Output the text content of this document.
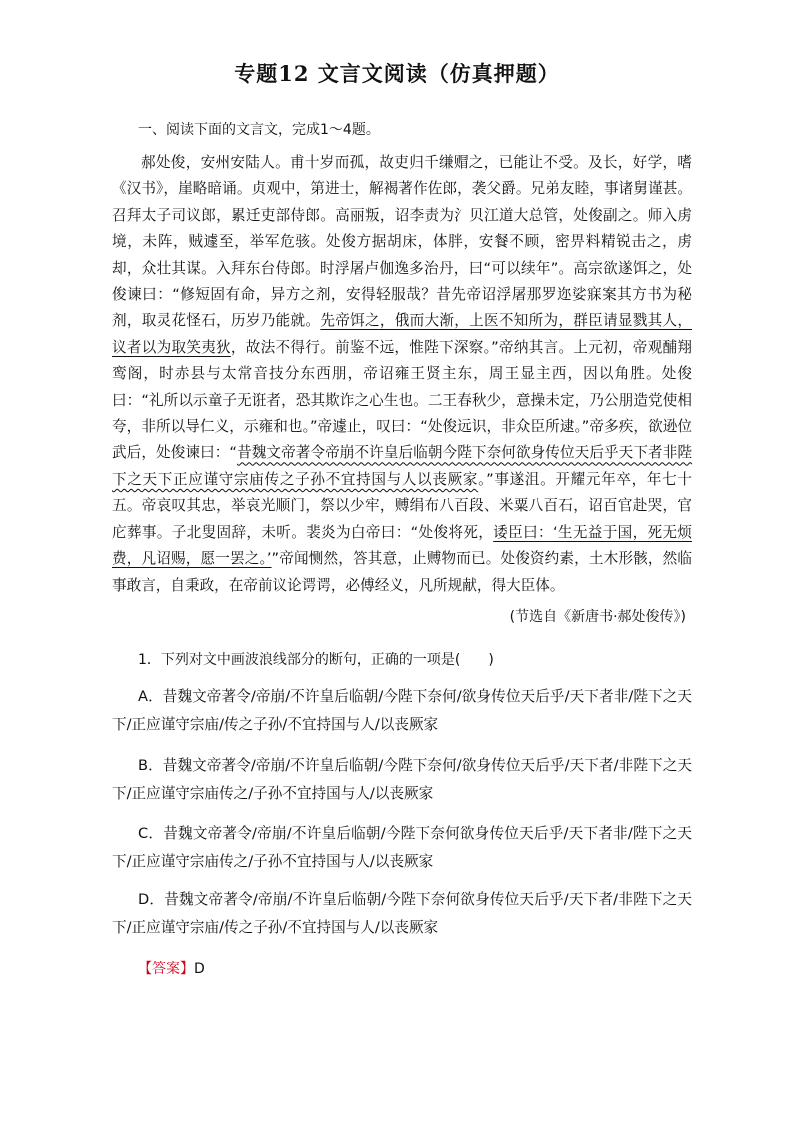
专题12 文言文阅读（仿真押题）
一、阅读下面的文言文，完成1～4题。

郝处俊，安州安陆人。甫十岁而孤，故吏归千缣赗之，已能让不受。及长，好学，嗜《汉书》，崖略暗诵。贞观中，第进士，解褐著作佐郎，袭父爵。兄弟友睦，事诸舅谨甚。召拜太子司议郎，累迁吏部侍郎。高丽叛，诏李责为氵贝江道大总管，处俊副之。师入虏境，未阵，贼遽至，举军危骇。处俊方据胡床，体胖，安餐不顾，密畀料精锐击之，虏却，众壮其谋。入拜东台侍郎。时浮屠卢伽逸多治丹，曰“可以续年”。高宗欲遂饵之，处俊谏曰：“修短固有命，异方之剂，安得轻服哉？昔先帝诏浮屠那罗迩娑寐案其方书为秘剂，取灵花怪石，历岁乃能就。先帝饵之，俄而大渐，上医不知所为，群臣请显戮其人，议者以为取笑夷狄，故法不得行。前鉴不远，惟陛下深察。”帝纳其言。上元初，帝观酺翔鸾阁，时赤县与太常音技分东西朋，帝诏雍王贤主东，周王显主西，因以角胜。处俊曰：“礼所以示童子无诳者，恐其欺诈之心生也。二王春秋少，意操未定，乃公朋造党使相夸，非所以导仁义，示雍和也。”帝遽止，叹曰：“处俊远识，非众臣所逮。”帝多疾，欲逊位武后，处俊谏曰：“昔魏文帝著令帝崩不许皇后临朝今陛下奈何欲身传位天后乎天下者非陛下之天下正应谨守宗庙传之子孙不宜持国与人以丧厥家。”事遂沮。开耀元年卒，年七十五。帝哀叹其忠，举哀光顺门，祭以少牢，赙绢布八百段、米粟八百石，诏百官赴哭，官庀葬事。子北叟固辞，未听。裴炎为白帝曰：“处俊将死，诿臣曰：‘生无益于国，死无烦费，凡诏赐，愿一罢之。’”帝闻恻然，答其意，止赙物而已。处俊资约素，土木形骸，然临事敢言，自秉政，在帝前议论谔谔，必傅经义，凡所规献，得大臣体。

(节选自《新唐书·郝处俊传》)
1．下列对文中画波浪线部分的断句，正确的一项是(　　)

A．昔魏文帝著令/帝崩/不许皇后临朝/今陛下奈何/欲身传位天后乎/天下者非/陛下之天下/正应谨守宗庙/传之子孙/不宜持国与人/以丧厥家

B．昔魏文帝著令/帝崩/不许皇后临朝/今陛下奈何/欲身传位天后乎/天下者/非陛下之天下/正应谨守宗庙传之/子孙不宜持国与人/以丧厥家

C．昔魏文帝著令/帝崩/不许皇后临朝/今陛下奈何欲身传位天后乎/天下者非/陛下之天下/正应谨守宗庙传之/子孙不宜持国与人/以丧厥家

D．昔魏文帝著令/帝崩/不许皇后临朝/今陛下奈何欲身传位天后乎/天下者/非陛下之天下/正应谨守宗庙/传之子孙/不宜持国与人/以丧厥家

【答案】D
